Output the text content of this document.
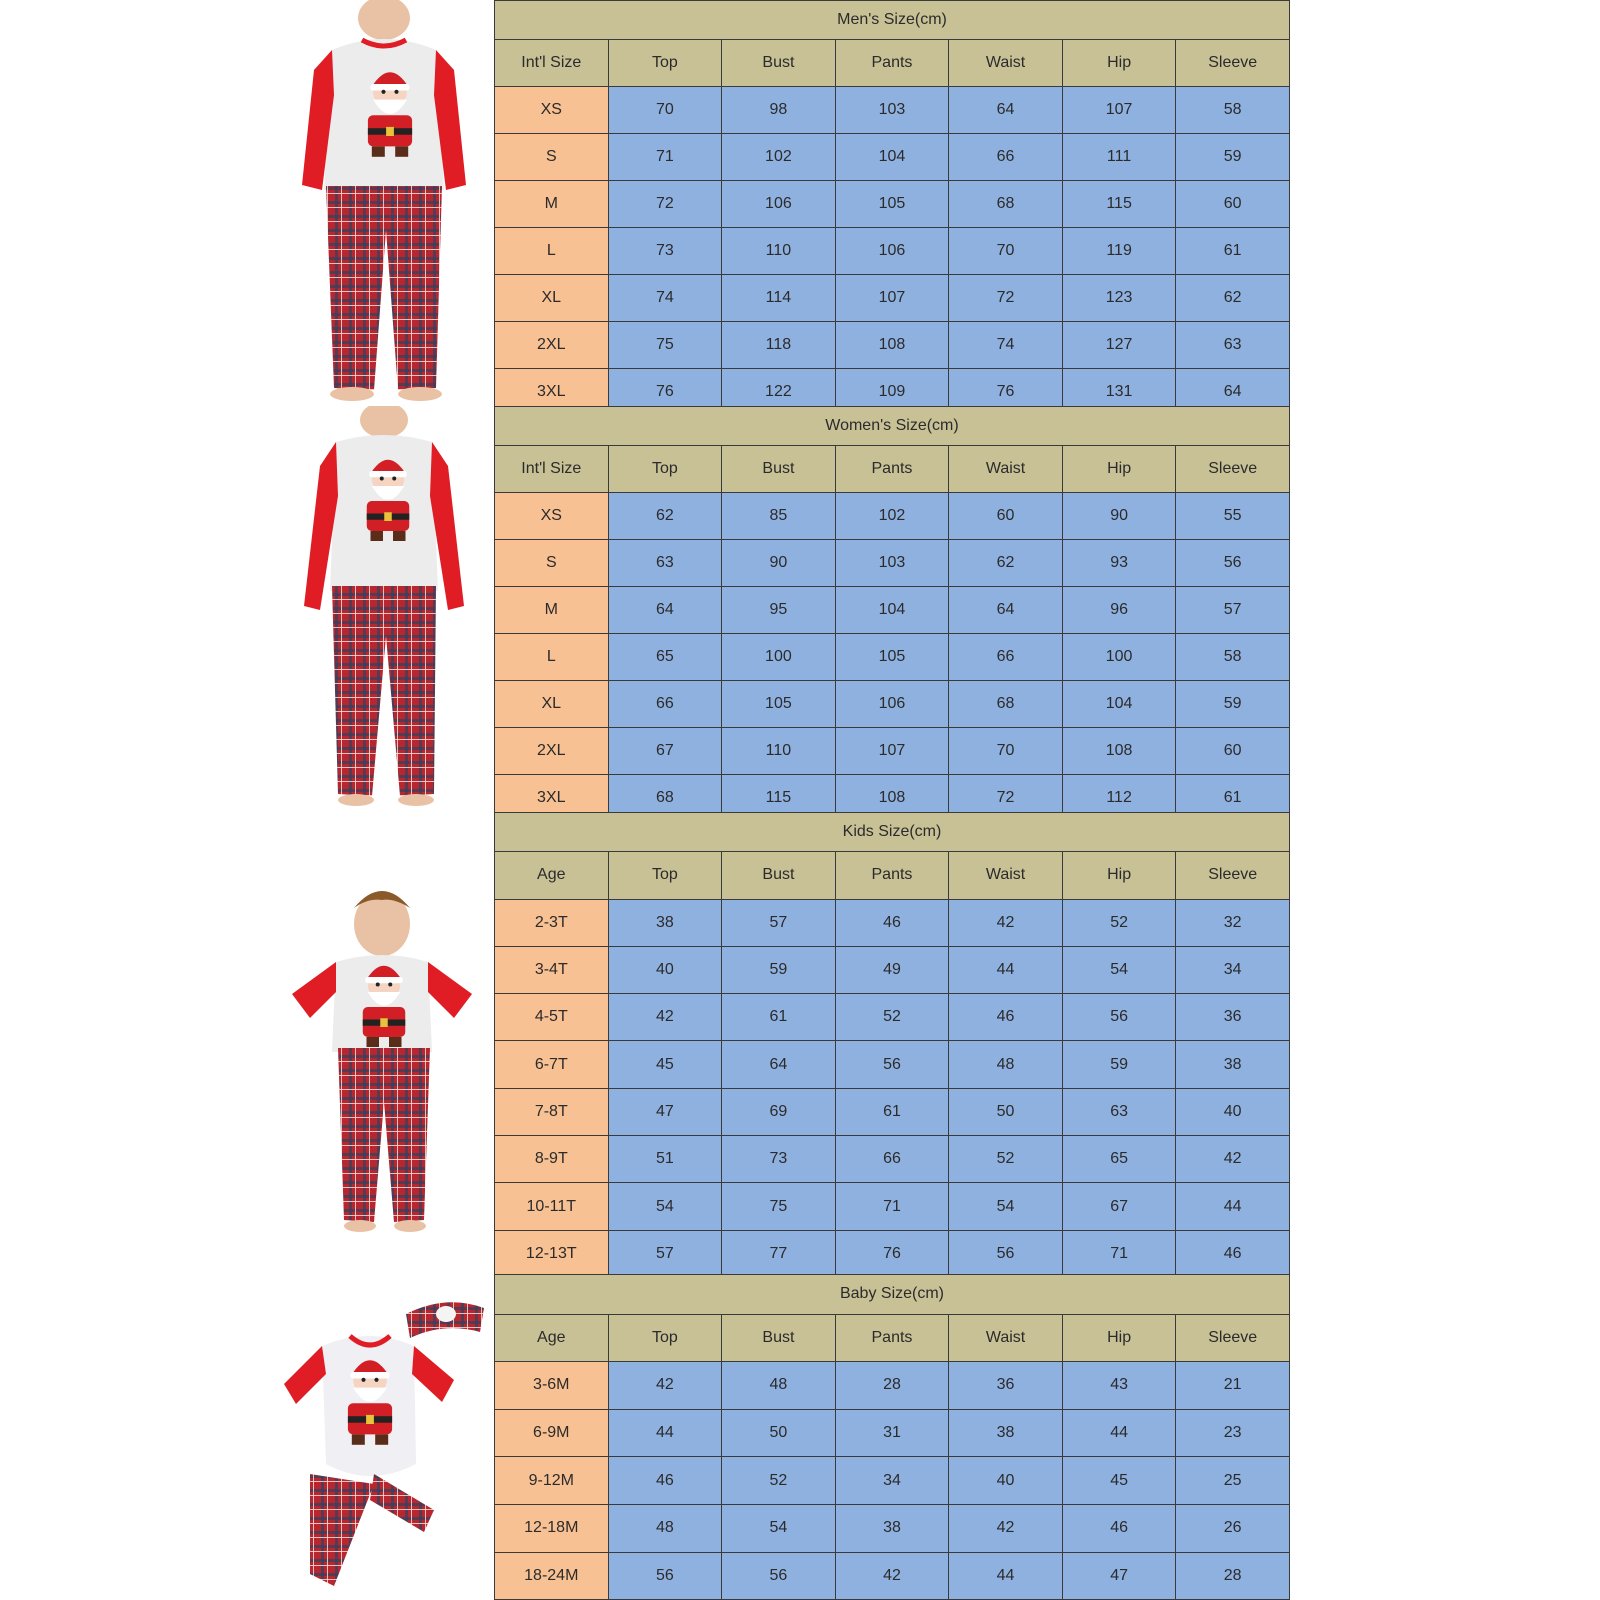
Men's Size(cm)						
Int'l Size	Top	Bust	Pants	Waist	Hip	Sleeve
XS	70	98	103	64	107	58
S	71	102	104	66	111	59
M	72	106	105	68	115	60
L	73	110	106	70	119	61
XL	74	114	107	72	123	62
2XL	75	118	108	74	127	63
3XL	76	122	109	76	131	64
Women's Size(cm)						
Int'l Size	Top	Bust	Pants	Waist	Hip	Sleeve
XS	62	85	102	60	90	55
S	63	90	103	62	93	56
M	64	95	104	64	96	57
L	65	100	105	66	100	58
XL	66	105	106	68	104	59
2XL	67	110	107	70	108	60
3XL	68	115	108	72	112	61
Kids Size(cm)						
Age	Top	Bust	Pants	Waist	Hip	Sleeve
2-3T	38	57	46	42	52	32
3-4T	40	59	49	44	54	34
4-5T	42	61	52	46	56	36
6-7T	45	64	56	48	59	38
7-8T	47	69	61	50	63	40
8-9T	51	73	66	52	65	42
10-11T	54	75	71	54	67	44
12-13T	57	77	76	56	71	46
Baby Size(cm)						
Age	Top	Bust	Pants	Waist	Hip	Sleeve
3-6M	42	48	28	36	43	21
6-9M	44	50	31	38	44	23
9-12M	46	52	34	40	45	25
12-18M	48	54	38	42	46	26
18-24M	56	56	42	44	47	28
